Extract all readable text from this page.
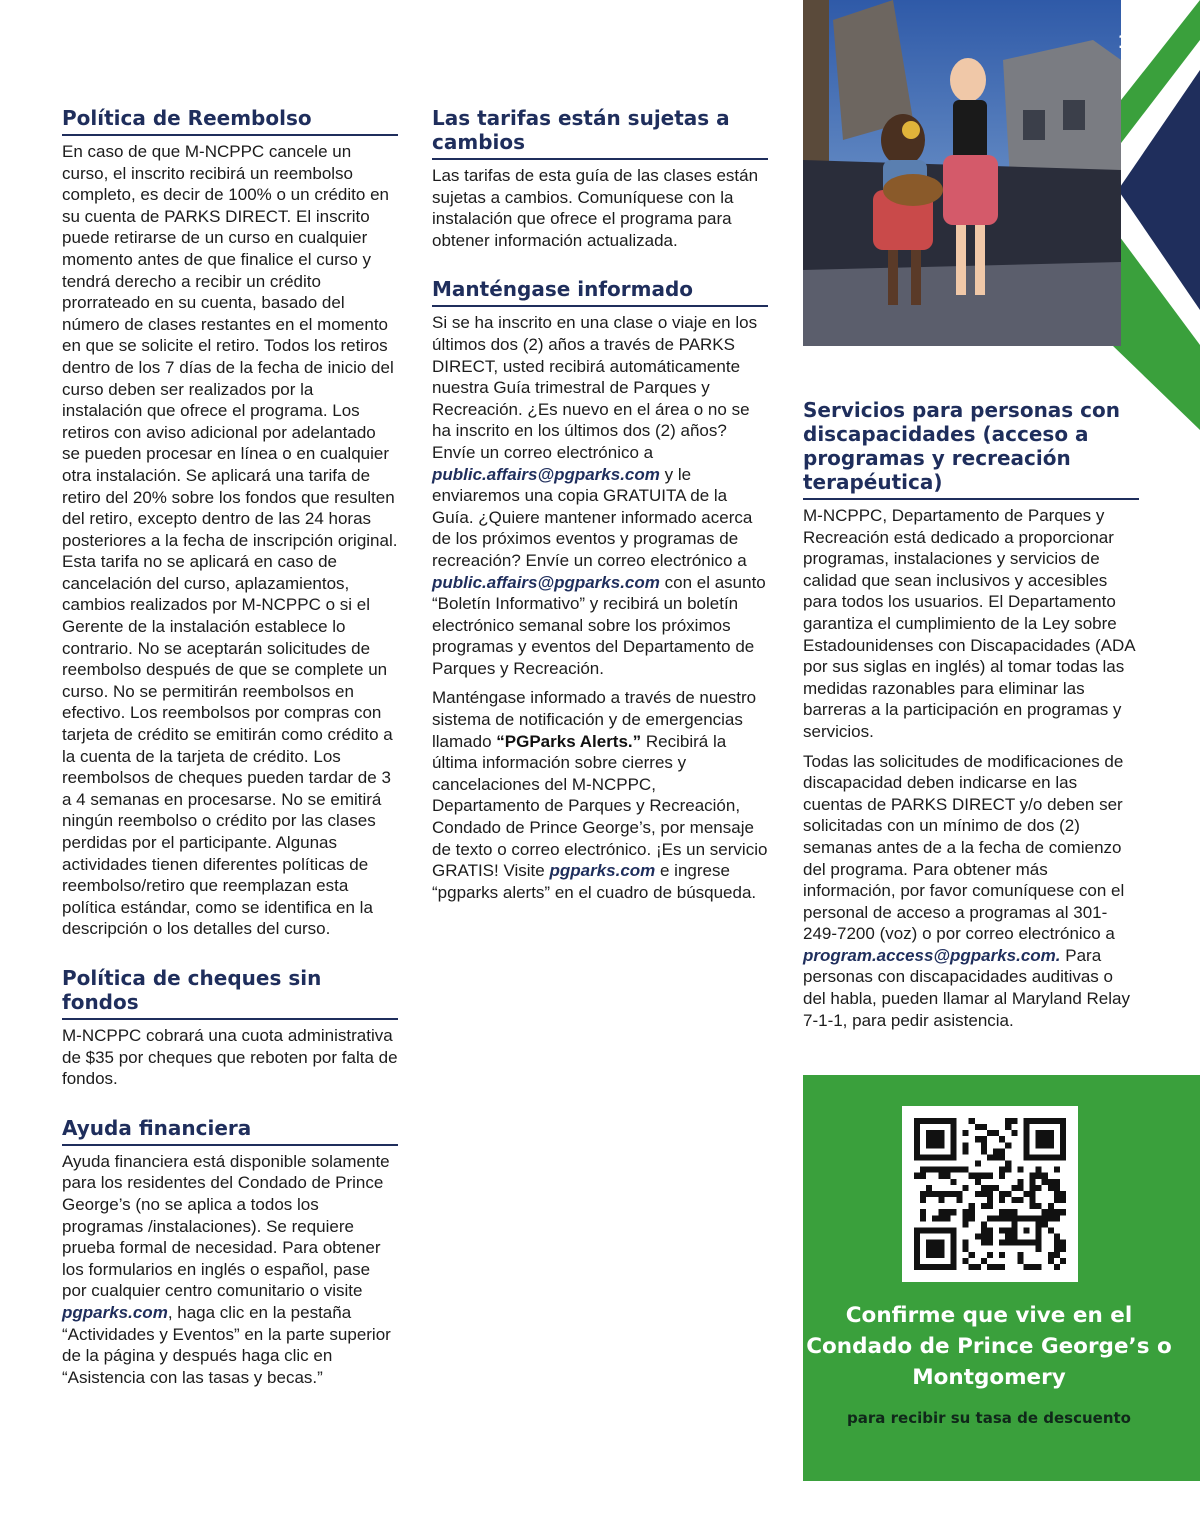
13
Política de Reembolso
En caso de que M-NCPPC cancele un curso, el inscrito recibirá un reembolso completo, es decir de 100% o un crédito en su cuenta de PARKS DIRECT. El inscrito puede retirarse de un curso en cualquier momento antes de que finalice el curso y tendrá derecho a recibir un crédito prorrateado en su cuenta, basado del número de clases restantes en el momento en que se solicite el retiro. Todos los retiros dentro de los 7 días de la fecha de inicio del curso deben ser realizados por la instalación que ofrece el programa. Los retiros con aviso adicional por adelantado se pueden procesar en línea o en cualquier otra instalación. Se aplicará una tarifa de retiro del 20% sobre los fondos que resulten del retiro, excepto dentro de las 24 horas posteriores a la fecha de inscripción original. Esta tarifa no se aplicará en caso de cancelación del curso, aplazamientos, cambios realizados por M-NCPPC o si el Gerente de la instalación establece lo contrario. No se aceptarán solicitudes de reembolso después de que se complete un curso. No se permitirán reembolsos en efectivo. Los reembolsos por compras con tarjeta de crédito se emitirán como crédito a la cuenta de la tarjeta de crédito. Los reembolsos de cheques pueden tardar de 3 a 4 semanas en procesarse. No se emitirá ningún reembolso o crédito por las clases perdidas por el participante. Algunas actividades tienen diferentes políticas de reembolso/retiro que reemplazan esta política estándar, como se identifica en la descripción o los detalles del curso.
Política de cheques sin fondos
M-NCPPC cobrará una cuota administrativa de $35 por cheques que reboten por falta de fondos.
Ayuda financiera
Ayuda financiera está disponible solamente para los residentes del Condado de Prince George’s (no se aplica a todos los programas /instalaciones). Se requiere prueba formal de necesidad. Para obtener los formularios en inglés o español, pase por cualquier centro comunitario o visite pgparks.com, haga clic en la pestaña “Actividades y Eventos” en la parte superior de la página y después haga clic en “Asistencia con las tasas y becas.”
Las tarifas están sujetas a cambios
Las tarifas de esta guía de las clases están sujetas a cambios. Comuníquese con la instalación que ofrece el programa para obtener información actualizada.
Manténgase informado
Si se ha inscrito en una clase o viaje en los últimos dos (2) años a través de PARKS DIRECT, usted recibirá automáticamente nuestra Guía trimestral de Parques y Recreación. ¿Es nuevo en el área o no se ha inscrito en los últimos dos (2) años? Envíe un correo electrónico a public.affairs@pgparks.com y le enviaremos una copia GRATUITA de la Guía. ¿Quiere mantener informado acerca de los próximos eventos y programas de recreación? Envíe un correo electrónico a public.affairs@pgparks.com con el asunto “Boletín Informativo” y recibirá un boletín electrónico semanal sobre los próximos programas y eventos del Departamento de Parques y Recreación.
Manténgase informado a través de nuestro sistema de notificación y de emergencias llamado “PGParks Alerts.” Recibirá la última información sobre cierres y cancelaciones del M-NCPPC, Departamento de Parques y Recreación, Condado de Prince George’s, por mensaje de texto o correo electrónico. ¡Es un servicio GRATIS! Visite pgparks.com e ingrese “pgparks alerts” en el cuadro de búsqueda.
Servicios para personas con discapacidades (acceso a programas y recreación terapéutica)
M-NCPPC, Departamento de Parques y Recreación está dedicado a proporcionar programas, instalaciones y servicios de calidad que sean inclusivos y accesibles para todos los usuarios. El Departamento garantiza el cumplimiento de la Ley sobre Estadounidenses con Discapacidades (ADA por sus siglas en inglés) al tomar todas las medidas razonables para eliminar las barreras a la participación en programas y servicios.
Todas las solicitudes de modificaciones de discapacidad deben indicarse en las cuentas de PARKS DIRECT y/o deben ser solicitadas con un mínimo de dos (2) semanas antes de a la fecha de comienzo del programa. Para obtener más información, por favor comuníquese con el personal de acceso a programas al 301-249-7200 (voz) o por correo electrónico a program.access@pgparks.com. Para personas con discapacidades auditivas o del habla, pueden llamar al Maryland Relay 7-1-1, para pedir asistencia.
Confirme que vive en el Condado de Prince George’s o Montgomery
para recibir su tasa de descuento
